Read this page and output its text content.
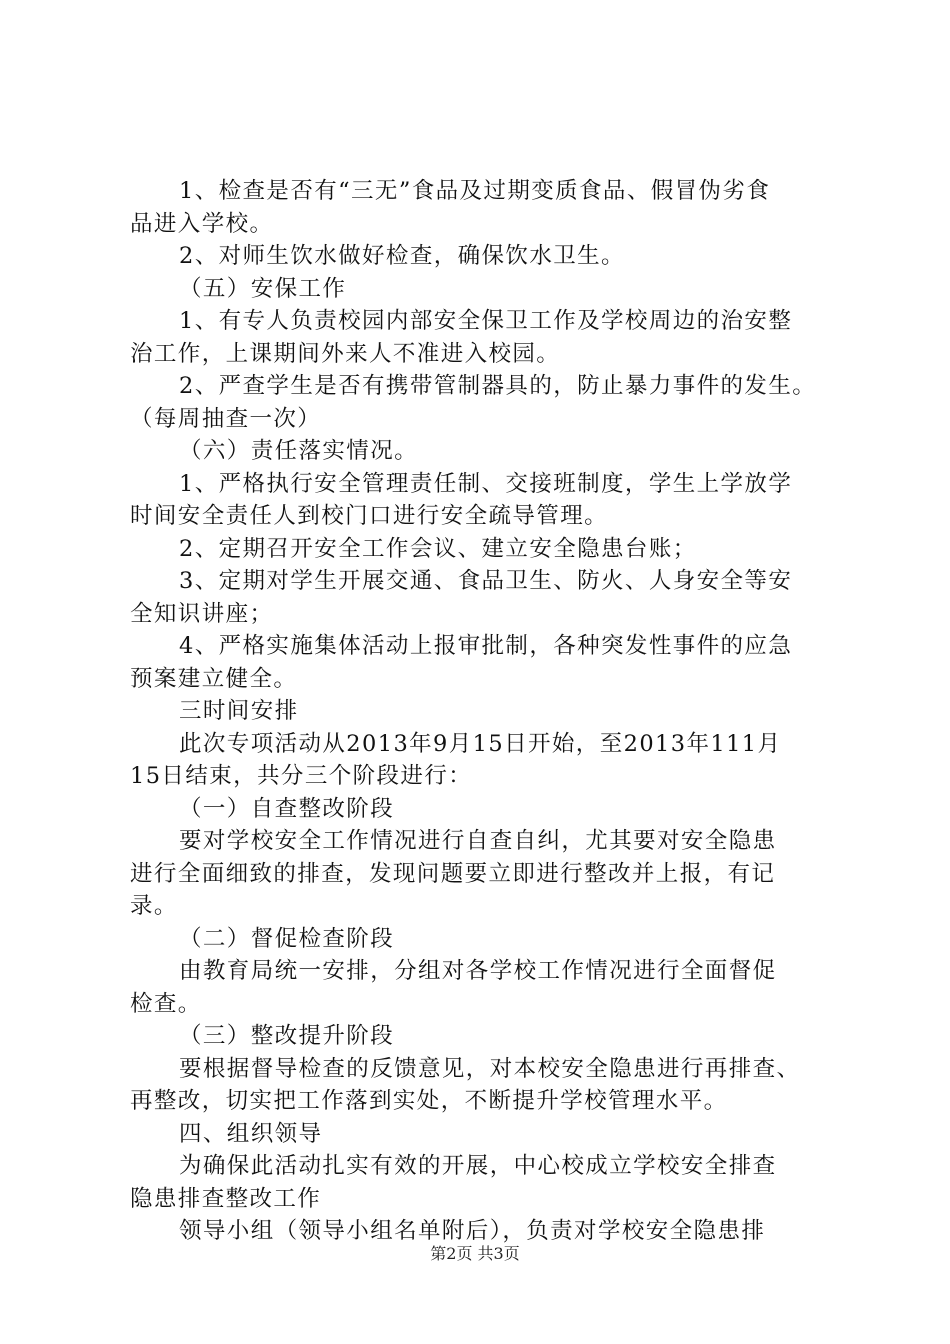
1、检查是否有“三无”食品及过期变质食品、假冒伪劣食
品进入学校。
2、对师生饮水做好检查，确保饮水卫生。
（五）安保工作
1、有专人负责校园内部安全保卫工作及学校周边的治安整
治工作，上课期间外来人不准进入校园。
2、严查学生是否有携带管制器具的，防止暴力事件的发生。
（每周抽查一次）
（六）责任落实情况。
1、严格执行安全管理责任制、交接班制度，学生上学放学
时间安全责任人到校门口进行安全疏导管理。
2、定期召开安全工作会议、建立安全隐患台账；
3、定期对学生开展交通、食品卫生、防火、人身安全等安
全知识讲座；
4、严格实施集体活动上报审批制，各种突发性事件的应急
预案建立健全。
三时间安排
此次专项活动从2013年9月15日开始，至2013年111月
15日结束，共分三个阶段进行：
（一）自查整改阶段
要对学校安全工作情况进行自查自纠，尤其要对安全隐患
进行全面细致的排查，发现问题要立即进行整改并上报，有记
录。
（二）督促检查阶段
由教育局统一安排，分组对各学校工作情况进行全面督促
检查。
（三）整改提升阶段
要根据督导检查的反馈意见，对本校安全隐患进行再排查、
再整改，切实把工作落到实处，不断提升学校管理水平。
四、组织领导
为确保此活动扎实有效的开展，中心校成立学校安全排查
隐患排查整改工作
领导小组（领导小组名单附后），负责对学校安全隐患排
第2页 共3页
